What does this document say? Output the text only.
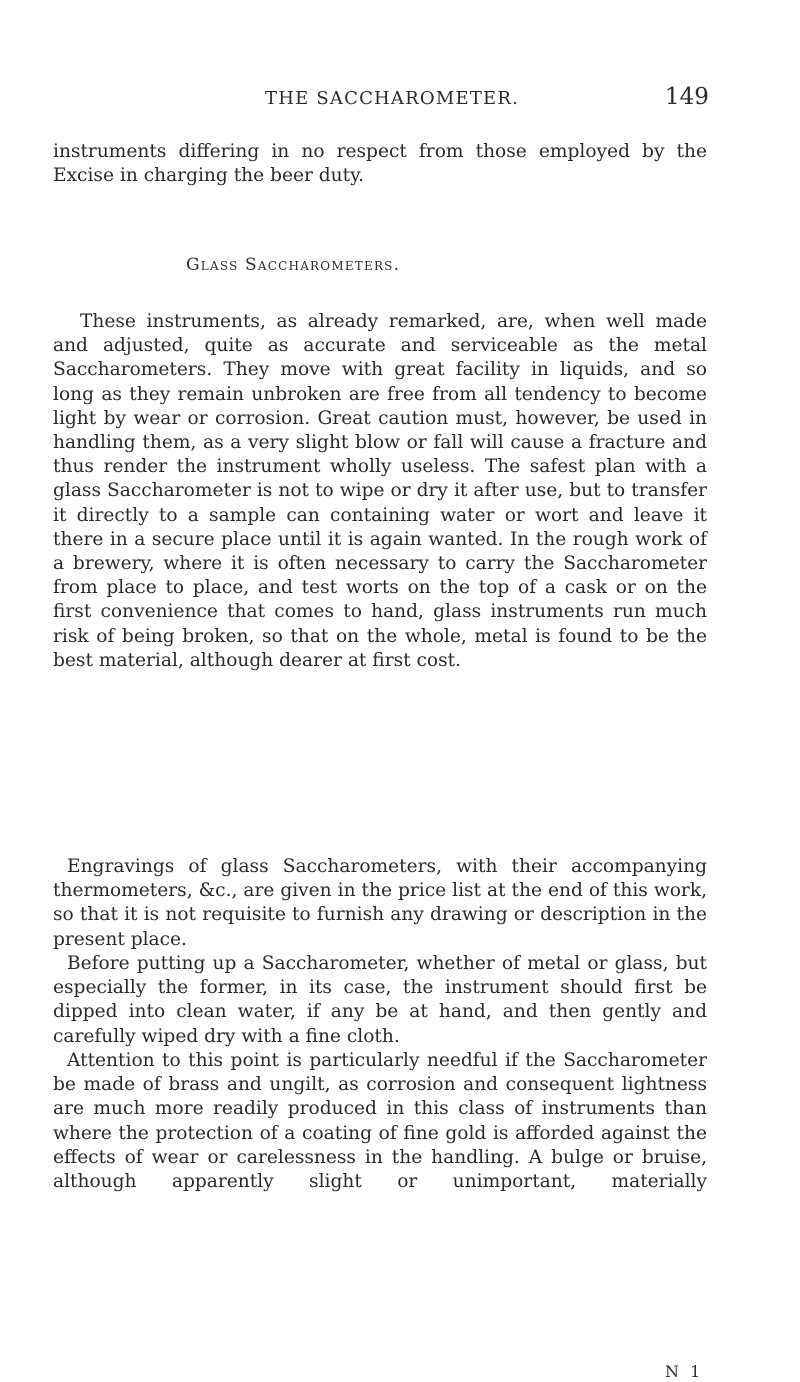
THE SACCHAROMETER.	149

instruments differing in no respect from those employed by the Excise in charging the beer duty.

Glass Saccharometers.

These instruments, as already remarked, are, when well made and adjusted, quite as accurate and serviceable as the metal Saccharometers. They move with great facility in liquids, and so long as they remain unbroken are free from all tendency to become light by wear or corrosion. Great caution must, however, be used in handling them, as a very slight blow or fall will cause a fracture and thus render the instrument wholly useless. The safest plan with a glass Saccharometer is not to wipe or dry it after use, but to transfer it directly to a sample can containing water or wort and leave it there in a secure place until it is again wanted. In the rough work of a brewery, where it is often necessary to carry the Saccharometer from place to place, and test worts on the top of a cask or on the first convenience that comes to hand, glass instruments run much risk of being broken, so that on the whole, metal is found to be the best material, although dearer at first cost.

Engravings of glass Saccharometers, with their accompanying thermometers, &c., are given in the price list at the end of this work, so that it is not requisite to furnish any drawing or description in the present place.

Before putting up a Saccharometer, whether of metal or glass, but especially the former, in its case, the instrument should first be dipped into clean water, if any be at hand, and then gently and carefully wiped dry with a fine cloth.

Attention to this point is particularly needful if the Saccharometer be made of brass and ungilt, as corrosion and consequent lightness are much more readily produced in this class of instruments than where the protection of a coating of fine gold is afforded against the effects of wear or carelessness in the handling. A bulge or bruise, although apparently slight or unimportant, materially

N 1
